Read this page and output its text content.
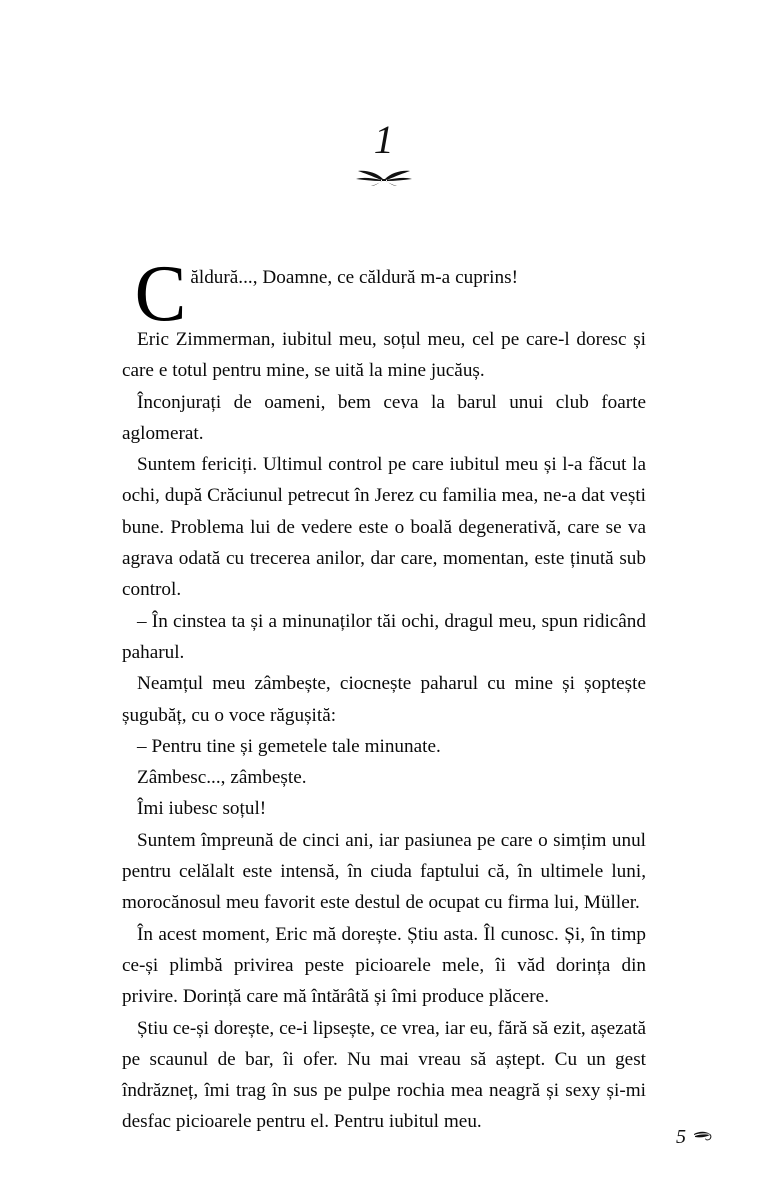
1

Căldură..., Doamne, ce căldură m-a cuprins!

Eric Zimmerman, iubitul meu, soțul meu, cel pe care-l doresc și care e totul pentru mine, se uită la mine jucăuș.

Înconjurați de oameni, bem ceva la barul unui club foarte aglomerat.

Suntem fericiți. Ultimul control pe care iubitul meu și l-a făcut la ochi, după Crăciunul petrecut în Jerez cu familia mea, ne-a dat vești bune. Problema lui de vedere este o boală degenerativă, care se va agrava odată cu trecerea anilor, dar care, momentan, este ținută sub control.

– În cinstea ta și a minunaților tăi ochi, dragul meu, spun ridicând paharul.

Neamțul meu zâmbește, ciocnește paharul cu mine și șoptește șugubăț, cu o voce răgușită:

– Pentru tine și gemetele tale minunate.

Zâmbesc..., zâmbește.

Îmi iubesc soțul!

Suntem împreună de cinci ani, iar pasiunea pe care o simțim unul pentru celălalt este intensă, în ciuda faptului că, în ultimele luni, morocănosul meu favorit este destul de ocupat cu firma lui, Müller.

În acest moment, Eric mă dorește. Știu asta. Îl cunosc. Și, în timp ce-și plimbă privirea peste picioarele mele, îi văd dorința din privire. Dorință care mă întărâtă și îmi produce plăcere.

Știu ce-și dorește, ce-i lipsește, ce vrea, iar eu, fără să ezit, așezată pe scaunul de bar, îi ofer. Nu mai vreau să aștept. Cu un gest îndrăzneț, îmi trag în sus pe pulpe rochia mea neagră și sexy și-mi desfac picioarele pentru el. Pentru iubitul meu.

5
